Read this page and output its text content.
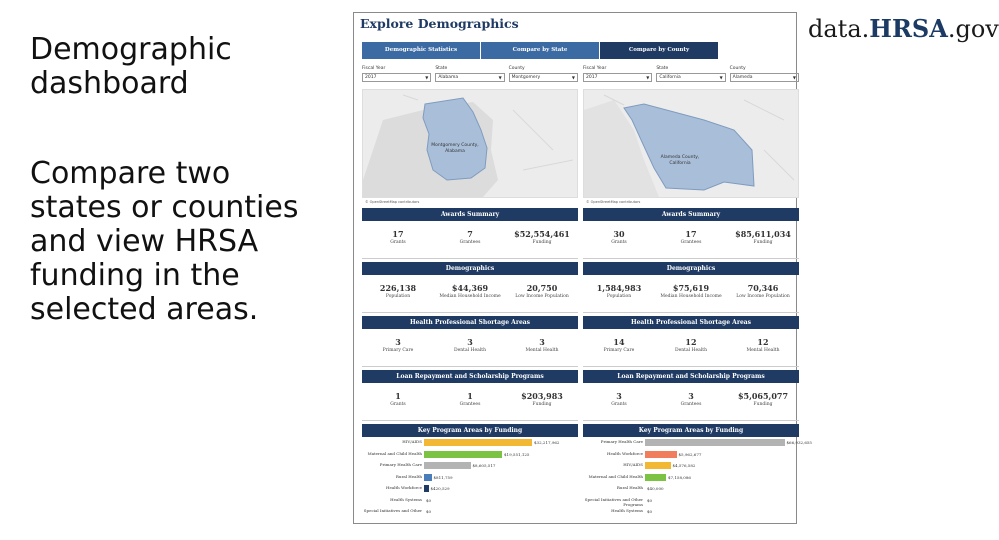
Demographic dashboard
Compare two states or counties and view HRSA funding in the selected areas.
data.HRSA.gov
Explore Demographics
Demographic Statistics	Compare by State	Compare by County
Fiscal Year
2017	▼
State
Alabama	▼
County
Montgomery	▼
Montgomery County,
Alabama
© OpenStreetMap contributors
Awards Summary
17
Grants
7
Grantees
$52,554,461
Funding
Demographics
226,138
Population
$44,369
Median Household Income
20,750
Low Income Population
Health Professional Shortage Areas
3
Primary Care
3
Dental Health
3
Mental Health
Loan Repayment and Scholarship Programs
1
Grants
1
Grantees
$203,983
Funding
Key Program Areas by Funding
HIV/AIDS	$32,217,962
Maternal and Child Health	$19,551,125
Primary Health Care	$8,605,517
Rural Health	$811,759
Health Workforce $420,529
Health Systems $0
Special Initiatives and Other $0
Fiscal Year
2017	▼
State
California	▼
County
Alameda	▼
Alameda County,
California
© OpenStreetMap contributors
Awards Summary
30
Grants
17
Grantees
$85,611,034
Funding
Demographics
1,584,983
Population
$75,619
Median Household Income
70,346
Low Income Population
Health Professional Shortage Areas
14
Primary Care
12
Dental Health
12
Mental Health
Loan Repayment and Scholarship Programs
3
Grants
3
Grantees
$5,065,077
Funding
Key Program Areas by Funding
Primary Health Care	$66,932,655
Health Workforce	$5,962,677
HIV/AIDS	$4,576,582
Maternal and Child Health	$7,158,086
Rural Health $40,000
Special Initiatives and Other Programs
$0
Health Systems $0
